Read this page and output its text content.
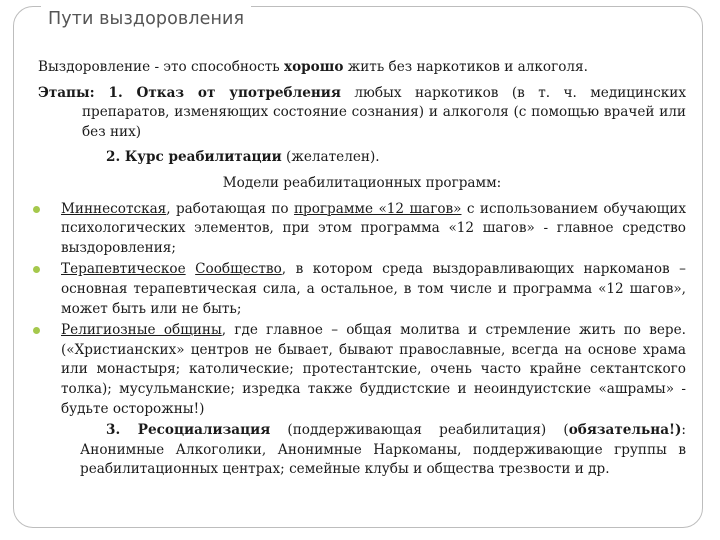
Пути выздоровления

Выздоровление - это способность хорошо жить без наркотиков и алкоголя.

Этапы: 1. Отказ от употребления любых наркотиков (в т. ч. медицинских препаратов, изменяющих состояние сознания) и алкоголя (с помощью врачей или без них)

2. Курс реабилитации (желателен).

Модели реабилитационных программ:

Миннесотская, работающая по программе «12 шагов» с использованием обучающих психологических элементов, при этом программа «12 шагов» - главное средство выздоровления;
Терапевтическое Сообщество, в котором среда выздоравливающих наркоманов – основная терапевтическая сила, а остальное, в том числе и программа «12 шагов», может быть или не быть;
Религиозные общины, где главное – общая молитва и стремление жить по вере. («Христианских» центров не бывает, бывают православные, всегда на основе храма или монастыря; католические; протестантские, очень часто крайне сектантского толка); мусульманские; изредка также буддистские и неоиндуистские «ашрамы» - будьте осторожны!)

3. Ресоциализация (поддерживающая реабилитация) (обязательна!): Анонимные Алкоголики, Анонимные Наркоманы, поддерживающие группы в реабилитационных центрах; семейные клубы и общества трезвости и др.
